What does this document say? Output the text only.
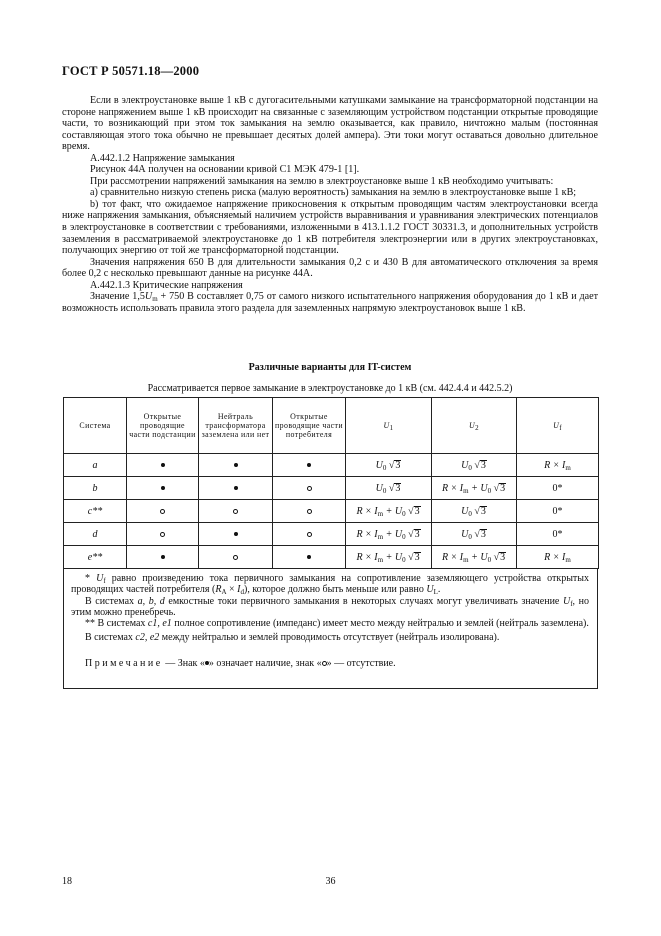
ГОСТ Р 50571.18—2000

Если в электроустановке выше 1 кВ с дугогасительными катушками замыкание на трансформаторной подстанции на стороне напряжением выше 1 кВ происходит на связанные с заземляющим устройством подстанции открытые проводящие части, то возникающий при этом ток замыкания на землю оказывается, как правило, ничтожно малым (постоянная составляющая этого тока обычно не превышает десятых долей ампера). Эти токи могут оставаться довольно длительное время.

А.442.1.2 Напряжение замыкания

Рисунок 44А получен на основании кривой C1 МЭК 479-1 [1].

При рассмотрении напряжений замыкания на землю в электроустановке выше 1 кВ необходимо учитывать:

a) сравнительно низкую степень риска (малую вероятность) замыкания на землю в электроустановке выше 1 кВ;

b) тот факт, что ожидаемое напряжение прикосновения к открытым проводящим частям электроустановки всегда ниже напряжения замыкания, объясняемый наличием устройств выравнивания и уравнивания электрических потенциалов в электроустановке в соответствии с требованиями, изложенными в 413.1.1.2 ГОСТ 30331.3, и дополнительных устройств заземления в рассматриваемой электроустановке до 1 кВ потребителя электроэнергии или в других электроустановках, получающих энергию от той же трансформаторной подстанции.

Значения напряжения 650 В для длительности замыкания 0,2 с и 430 В для автоматического отключения за время более 0,2 с несколько превышают данные на рисунке 44А.

А.442.1.3 Критические напряжения

Значение $1,5U_m + 750$ В составляет 0,75 от самого низкого испытательного напряжения оборудования до 1 кВ и дает возможность использовать правила этого раздела для заземленных напрямую электроустановок выше 1 кВ.

Различные варианты для IT-систем
Рассматривается первое замыкание в электроустановке до 1 кВ (см. 442.4.4 и 442.5.2)
Система	Открытые проводящие части подстанции	Нейтраль трансформатора заземлена или нет	Открытые проводящие части потребителя	$U_1$	$U_2$	$U_f$
a				$U_0$ √3	$U_0$ √3	$R \times I_m$
b				$U_0$ √3	$R \times I_m + U_0$ √3	0*
c**				$R \times I_m + U_0$ √3	$U_0$ √3	0*
d				$R \times I_m + U_0$ √3	$U_0$ √3	0*
e**				$R \times I_m + U_0$ √3	$R \times I_m + U_0$ √3	$R \times I_m$

* $U_f$ равно произведению тока первичного замыкания на сопротивление заземляющего устройства открытых проводящих частей потребителя $(R_A \times I_d)$, которое должно быть меньше или равно $U_L$.

В системах a, b, d емкостные токи первичного замыкания в некоторых случаях могут увеличивать значение $U_f$, но этим можно пренебречь.

** В системах c1, e1 полное сопротивление (импеданс) имеет место между нейтралью и землей (нейтраль заземлена).

В системах c2, e2 между нейтралью и землей проводимость отсутствует (нейтраль изолирована).

Примечание — Знак « » означает наличие, знак « » — отсутствие.

18	36
